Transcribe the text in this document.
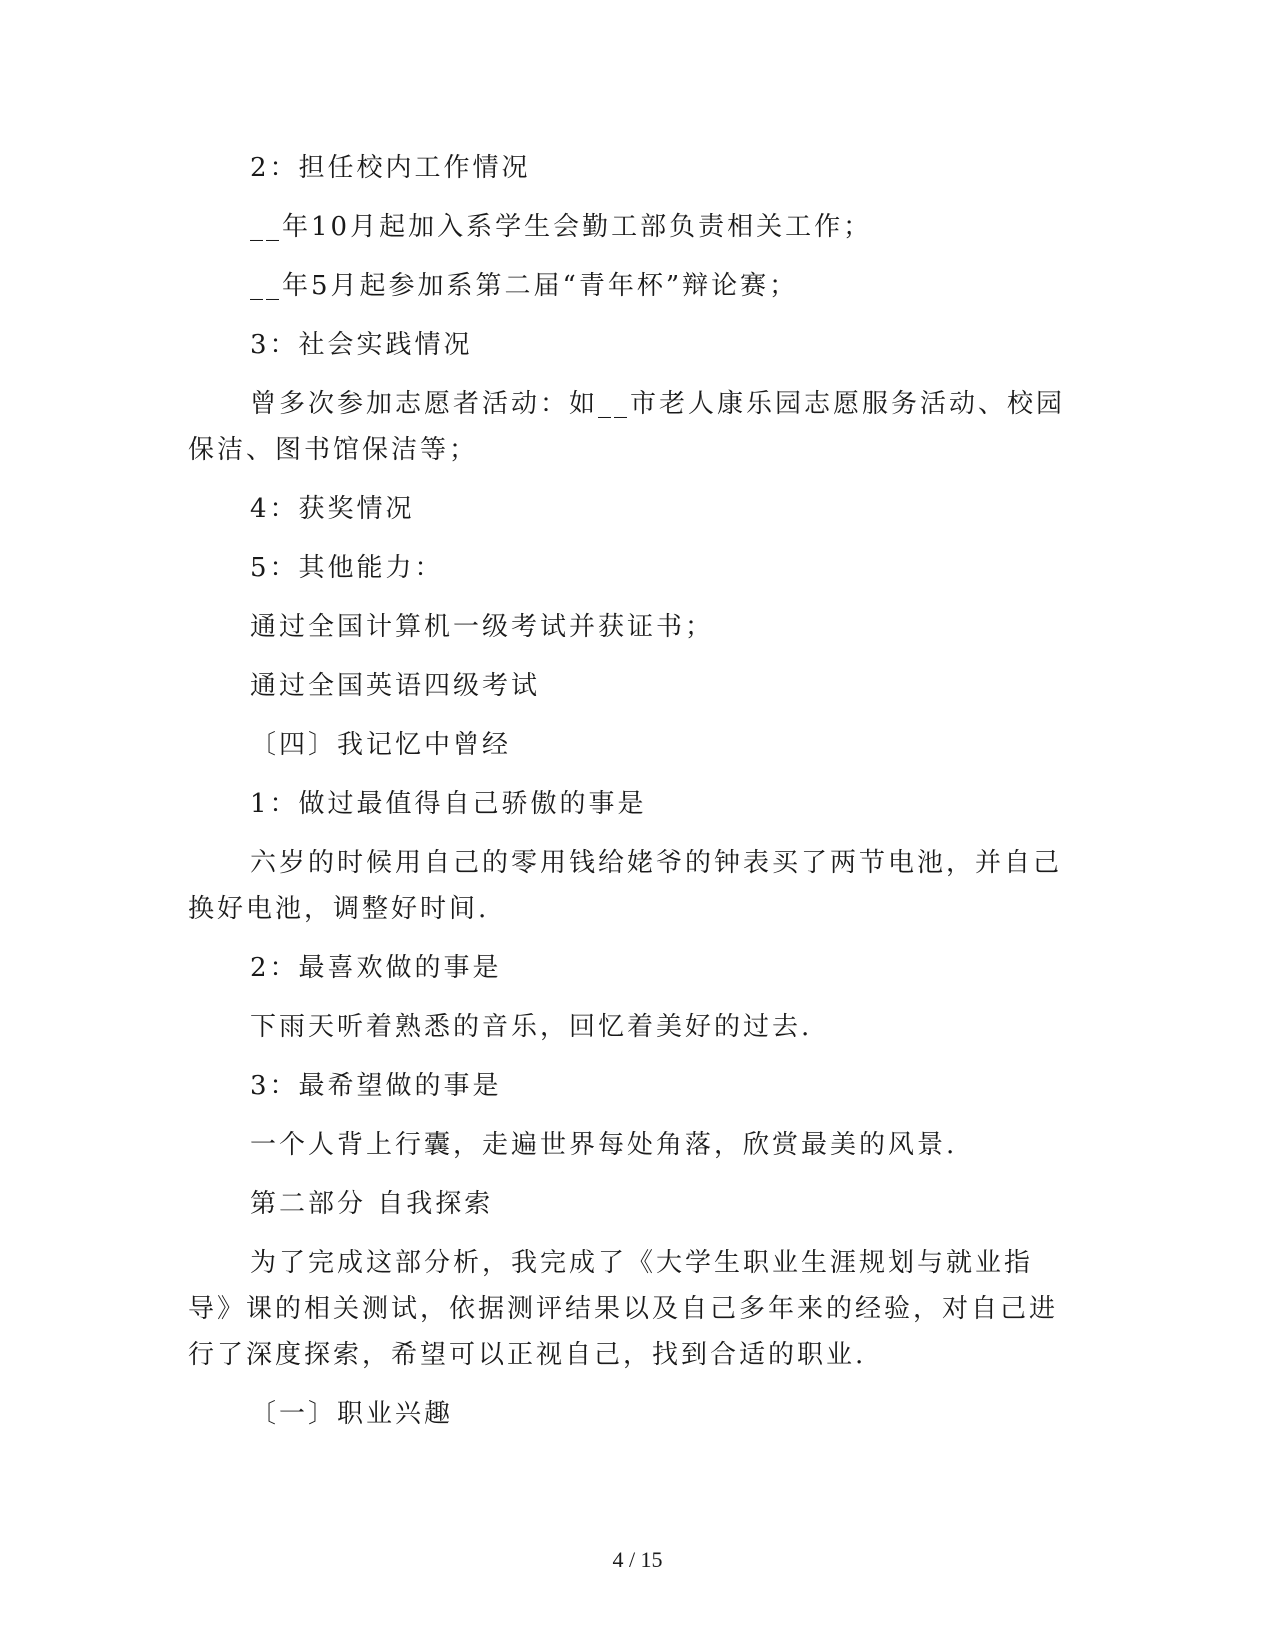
2：担任校内工作情况

__年10月起加入系学生会勤工部负责相关工作；

__年5月起参加系第二届“青年杯”辩论赛；

3：社会实践情况

曾多次参加志愿者活动：如__市老人康乐园志愿服务活动、校园保洁、图书馆保洁等；

4：获奖情况

5：其他能力：

通过全国计算机一级考试并获证书；

通过全国英语四级考试

〔四〕我记忆中曾经

1：做过最值得自己骄傲的事是

六岁的时候用自己的零用钱给姥爷的钟表买了两节电池，并自己换好电池，调整好时间.

2：最喜欢做的事是

下雨天听着熟悉的音乐，回忆着美好的过去.

3：最希望做的事是

一个人背上行囊，走遍世界每处角落，欣赏最美的风景.

第二部分 自我探索

为了完成这部分析，我完成了《大学生职业生涯规划与就业指导》课的相关测试，依据测评结果以及自己多年来的经验，对自己进行了深度探索，希望可以正视自己，找到合适的职业.

〔一〕职业兴趣

4 / 15
